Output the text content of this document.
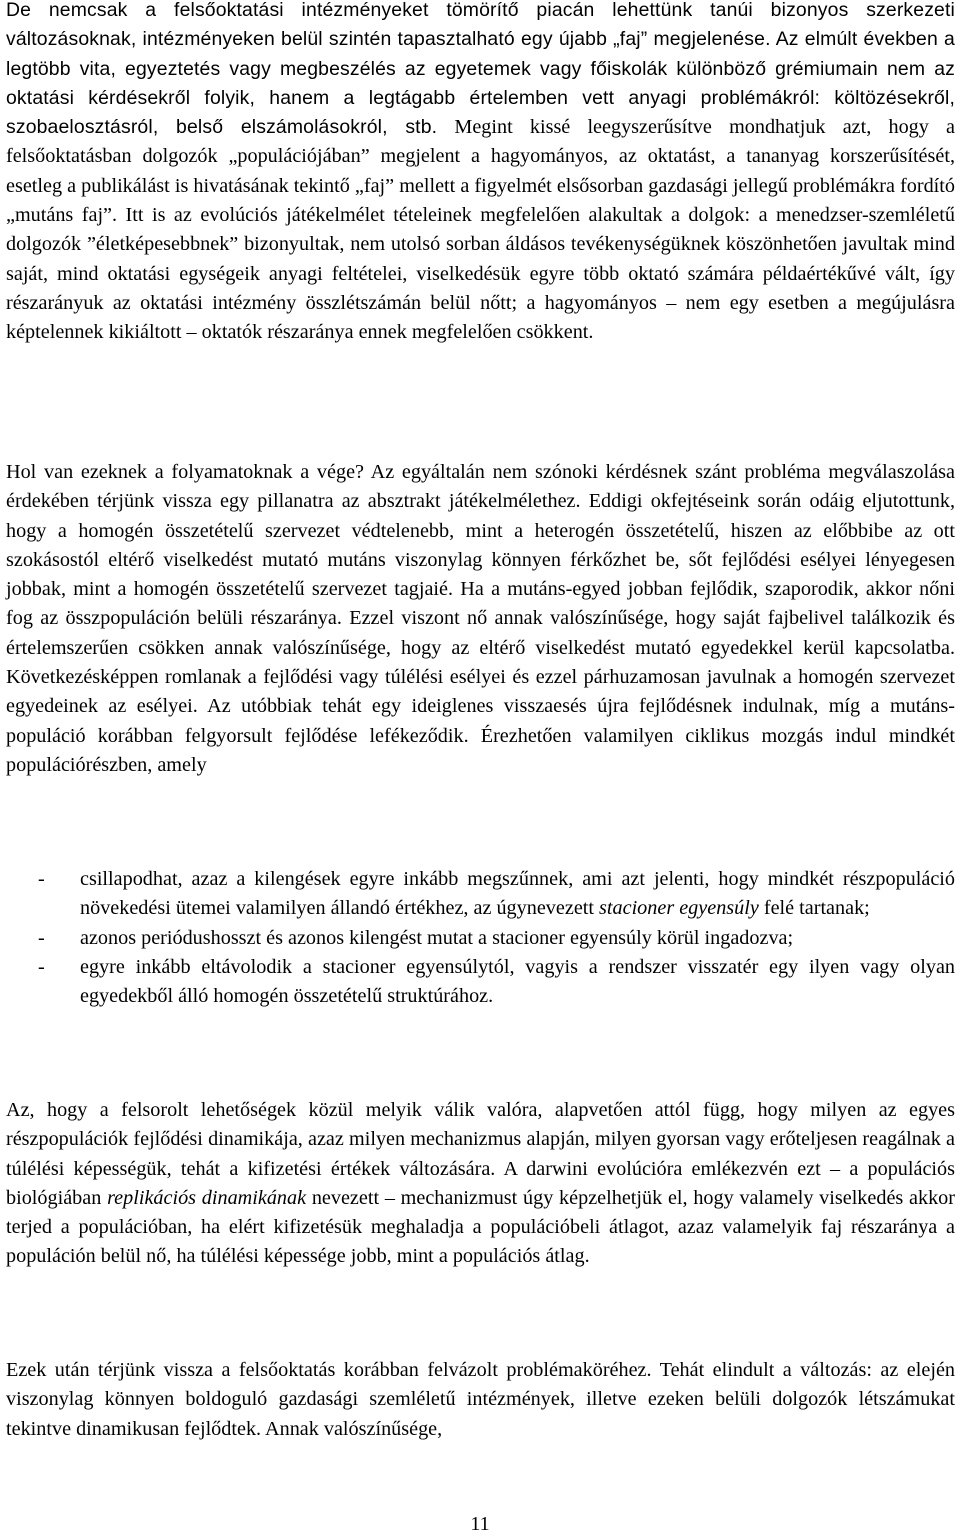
De nemcsak a felsőoktatási intézményeket tömörítő piacán lehettünk tanúi bizonyos szerkezeti változásoknak, intézményeken belül szintén tapasztalható egy újabb „faj” megjelenése. Az elmúlt években a legtöbb vita, egyeztetés vagy megbeszélés az egyetemek vagy főiskolák különböző grémiumain nem az oktatási kérdésekről folyik, hanem a legtágabb értelemben vett anyagi problémákról: költözésekről, szobaelosztásról, belső elszámolásokról, stb. Megint kissé leegyszerűsítve mondhatjuk azt, hogy a felsőoktatásban dolgozók „populációjában” megjelent a hagyományos, az oktatást, a tananyag korszerűsítését, esetleg a publikálást is hivatásának tekintő „faj” mellett a figyelmét elsősorban gazdasági jellegű problémákra fordító „mutáns faj”. Itt is az evolúciós játékelmélet tételeinek megfelelően alakultak a dolgok: a menedzser-szemléletű dolgozók ”életképesebbnek” bizonyultak, nem utolsó sorban áldásos tevékenységüknek köszönhetően javultak mind saját, mind oktatási egységeik anyagi feltételei, viselkedésük egyre több oktató számára példaértékűvé vált, így részarányuk az oktatási intézmény összlétszámán belül nőtt; a hagyományos – nem egy esetben a megújulásra képtelennek kikiáltott – oktatók részaránya ennek megfelelően csökkent.

Hol van ezeknek a folyamatoknak a vége? Az egyáltalán nem szónoki kérdésnek szánt probléma megválaszolása érdekében térjünk vissza egy pillanatra az absztrakt játékelmélethez. Eddigi okfejtéseink során odáig eljutottunk, hogy a homogén összetételű szervezet védtelenebb, mint a heterogén összetételű, hiszen az előbbibe az ott szokásostól eltérő viselkedést mutató mutáns viszonylag könnyen férkőzhet be, sőt fejlődési esélyei lényegesen jobbak, mint a homogén összetételű szervezet tagjaié. Ha a mutáns-egyed jobban fejlődik, szaporodik, akkor nőni fog az összpopuláción belüli részaránya. Ezzel viszont nő annak valószínűsége, hogy saját fajbelivel találkozik és értelemszerűen csökken annak valószínűsége, hogy az eltérő viselkedést mutató egyedekkel kerül kapcsolatba. Következésképpen romlanak a fejlődési vagy túlélési esélyei és ezzel párhuzamosan javulnak a homogén szervezet egyedeinek az esélyei. Az utóbbiak tehát egy ideiglenes visszaesés újra fejlődésnek indulnak, míg a mutáns-populáció korábban felgyorsult fejlődése lefékeződik. Érezhetően valamilyen ciklikus mozgás indul mindkét populációrészben, amely

- csillapodhat, azaz a kilengések egyre inkább megszűnnek, ami azt jelenti, hogy mindkét részpopuláció növekedési ütemei valamilyen állandó értékhez, az úgynevezett stacioner egyensúly felé tartanak;
- azonos periódushosszt és azonos kilengést mutat a stacioner egyensúly körül ingadozva;
- egyre inkább eltávolodik a stacioner egyensúlytól, vagyis a rendszer visszatér egy ilyen vagy olyan egyedekből álló homogén összetételű struktúrához.

Az, hogy a felsorolt lehetőségek közül melyik válik valóra, alapvetően attól függ, hogy milyen az egyes részpopulációk fejlődési dinamikája, azaz milyen mechanizmus alapján, milyen gyorsan vagy erőteljesen reagálnak a túlélési képességük, tehát a kifizetési értékek változására. A darwini evolúcióra emlékezvén ezt – a populációs biológiában replikációs dinamikának nevezett – mechanizmust úgy képzelhetjük el, hogy valamely viselkedés akkor terjed a populációban, ha elért kifizetésük meghaladja a populációbeli átlagot, azaz valamelyik faj részaránya a populáción belül nő, ha túlélési képessége jobb, mint a populációs átlag.

Ezek után térjünk vissza a felsőoktatás korábban felvázolt problémaköréhez. Tehát elindult a változás: az elején viszonylag könnyen boldoguló gazdasági szemléletű intézmények, illetve ezeken belüli dolgozók létszámukat tekintve dinamikusan fejlődtek. Annak valószínűsége,

11
